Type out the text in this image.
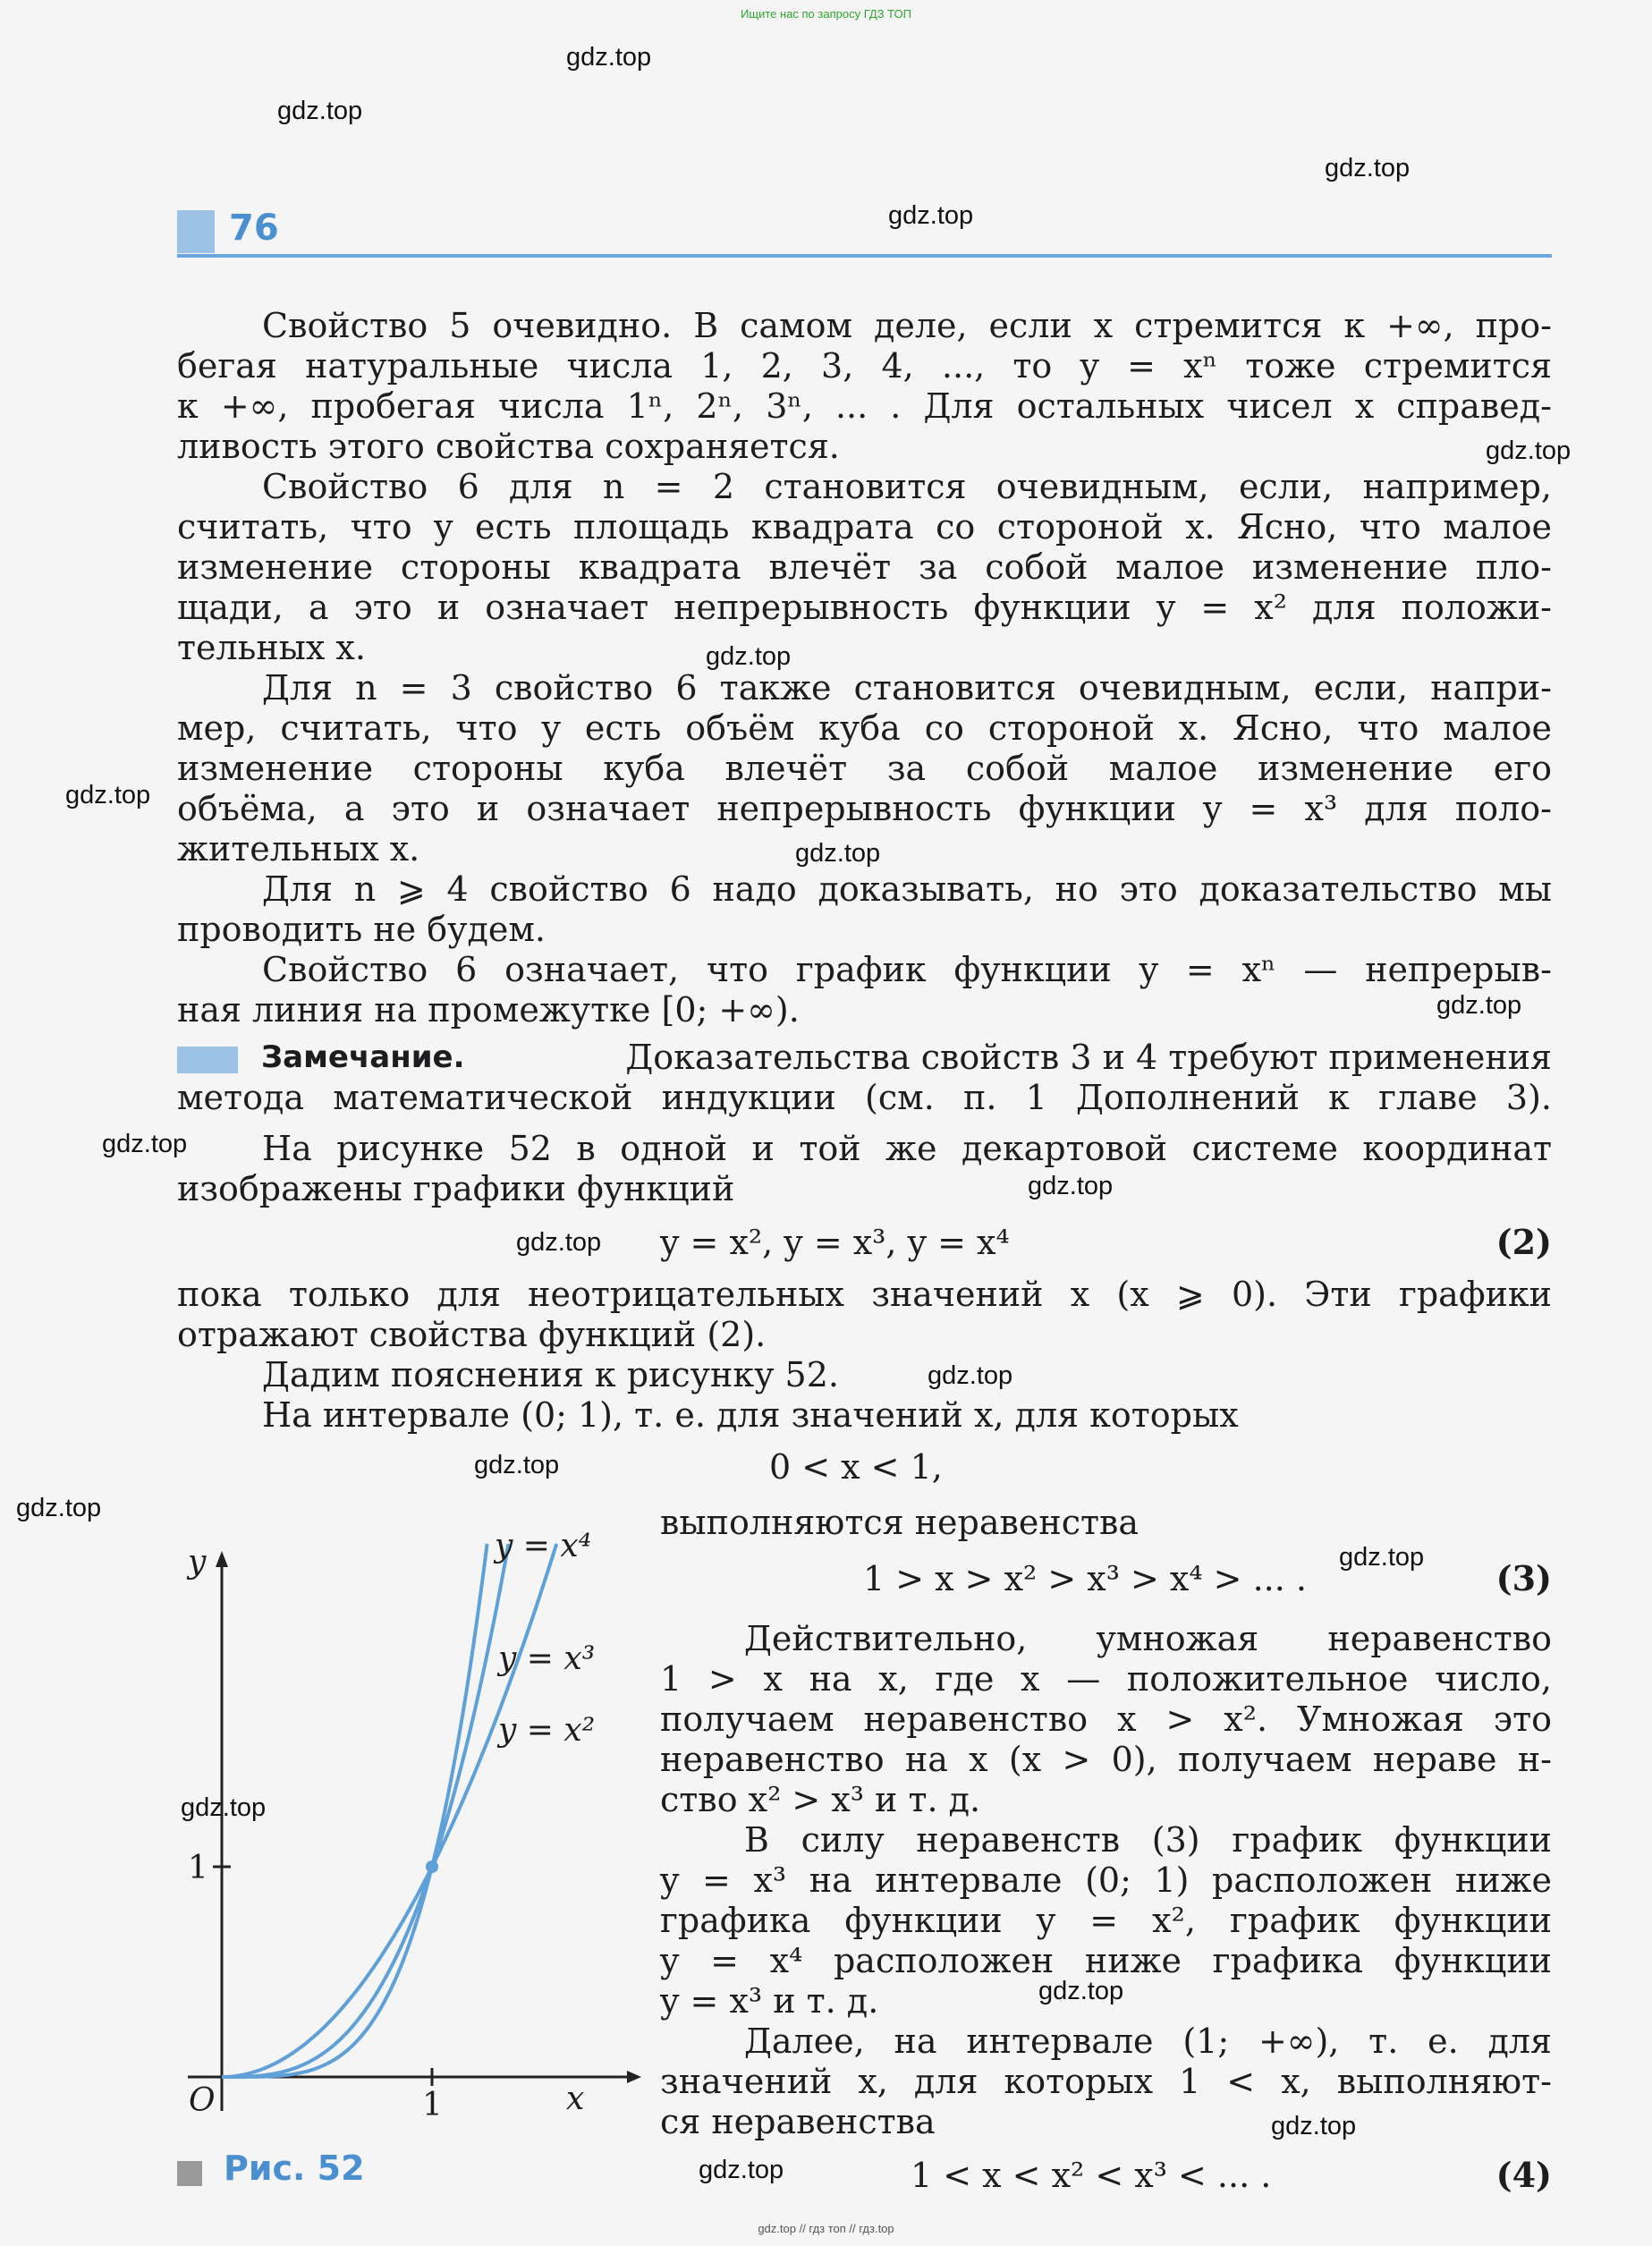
Ищите нас по запросу ГДЗ ТОП
76
gdz.top
gdz.top
gdz.top
gdz.top
gdz.top
gdz.top
gdz.top
gdz.top
gdz.top
gdz.top
gdz.top
gdz.top
gdz.top
gdz.top
gdz.top
gdz.top
gdz.top
gdz.top
gdz.top
gdz.top
Свойство 5 очевидно. В самом деле, если x стремится к +∞, про-
бегая натуральные числа 1, 2, 3, 4, ..., то y = xⁿ тоже стремится
к +∞, пробегая числа 1ⁿ, 2ⁿ, 3ⁿ, ... . Для остальных чисел x справед-
ливость этого свойства сохраняется.
Свойство 6 для n = 2 становится очевидным, если, например,
считать, что y есть площадь квадрата со стороной x. Ясно, что малое
изменение стороны квадрата влечёт за собой малое изменение пло-
щади, а это и означает непрерывность функции y = x² для положи-
тельных x.
Для n = 3 свойство 6 также становится очевидным, если, напри-
мер, считать, что y есть объём куба со стороной x. Ясно, что малое
изменение стороны куба влечёт за собой малое изменение его
объёма, а это и означает непрерывность функции y = x³ для поло-
жительных x.
Для n ⩾ 4 свойство 6 надо доказывать, но это доказательство мы
проводить не будем.
Свойство 6 означает, что график функции y = xⁿ — непрерыв-
ная линия на промежутке [0; +∞).
Замечание.	Доказательства свойств 3 и 4 требуют применения
метода математической индукции (см. п. 1 Дополнений к главе 3).
На рисунке 52 в одной и той же декартовой системе координат
изображены графики функций
y = x², y = x³, y = x⁴	(2)
пока только для неотрицательных значений x (x ⩾ 0). Эти графики
отражают свойства функций (2).
Дадим пояснения к рисунку 52.
На интервале (0; 1), т. е. для значений x, для которых
0 < x < 1,
выполняются неравенства
1 > x > x² > x³ > x⁴ > ... .	(3)
Действительно, умножая неравенство
1 > x на x, где x — положительное число,
получаем неравенство x > x². Умножая это
неравенство на x (x > 0), получаем нераве н-
ство x² > x³ и т. д.
В силу неравенств (3) график функции
y = x³ на интервале (0; 1) расположен ниже
графика функции y = x², график функции
y = x⁴ расположен ниже графика функции
y = x³ и т. д.
Далее, на интервале (1; +∞), т. е. для
значений x, для которых 1 < x, выполняют-
ся неравенства
1 < x < x² < x³ < ... .	(4)
y
x
O	1
1
y = x⁴
y = x³
y = x²
Рис. 52
gdz.top // гдз топ // гдз.top
